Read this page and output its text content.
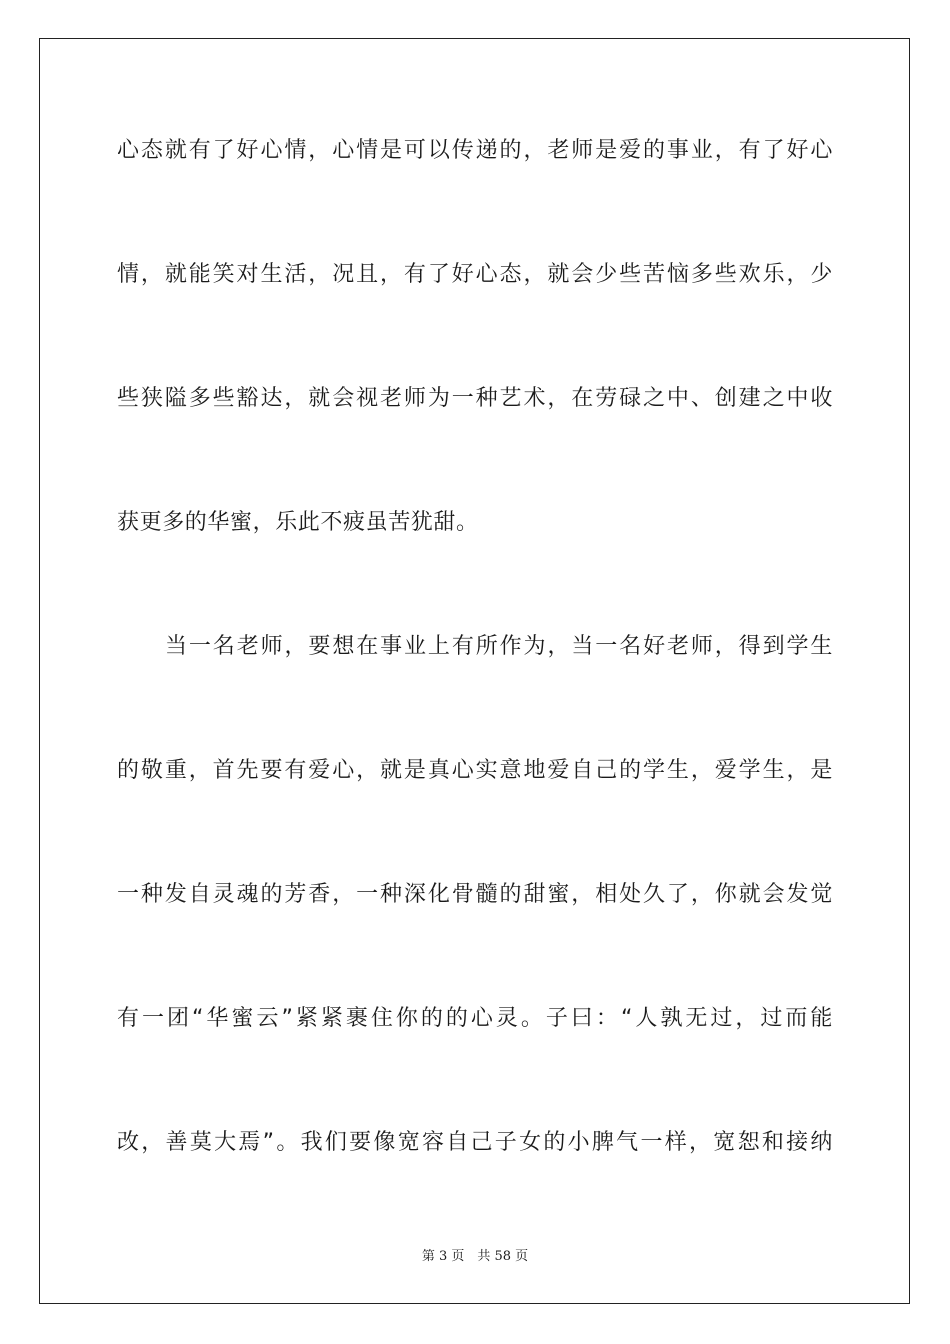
心态就有了好心情，心情是可以传递的，老师是爱的事业，有了好心
情，就能笑对生活，况且，有了好心态，就会少些苦恼多些欢乐，少
些狭隘多些豁达，就会视老师为一种艺术，在劳碌之中、创建之中收
获更多的华蜜，乐此不疲虽苦犹甜。
当一名老师，要想在事业上有所作为，当一名好老师，得到学生
的敬重，首先要有爱心，就是真心实意地爱自己的学生，爱学生，是
一种发自灵魂的芳香，一种深化骨髓的甜蜜，相处久了，你就会发觉
有一团“华蜜云”紧紧裹住你的的心灵。子曰：“人孰无过，过而能
改，善莫大焉”。我们要像宽容自己子女的小脾气一样，宽恕和接纳
第 3 页　共 58 页
